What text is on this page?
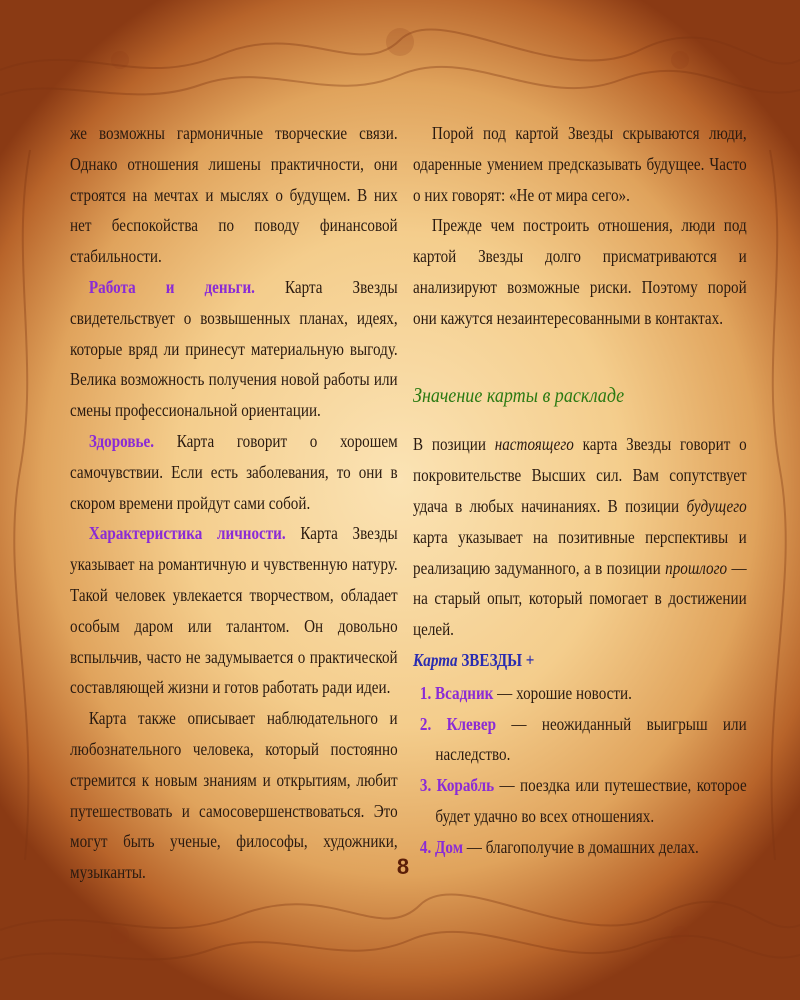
же возможны гармоничные творческие связи. Однако отношения лишены практичности, они строятся на мечтах и мыслях о будущем. В них нет беспокойства по поводу финансовой стабильности.

Работа и деньги. Карта Звезды свидетельствует о возвышенных планах, идеях, которые вряд ли принесут материальную выгоду. Велика возможность получения новой работы или смены профессиональной ориентации.

Здоровье. Карта говорит о хорошем самочувствии. Если есть заболевания, то они в скором времени пройдут сами собой.

Характеристика личности. Карта Звезды указывает на романтичную и чувственную натуру. Такой человек увлекается творчеством, обладает особым даром или талантом. Он довольно вспыльчив, часто не задумывается о практической составляющей жизни и готов работать ради идеи.

Карта также описывает наблюдательного и любознательного человека, который постоянно стремится к новым знаниям и открытиям, любит путешествовать и самосовершенствоваться. Это могут быть ученые, философы, художники, музыканты.

Порой под картой Звезды скрываются люди, одаренные умением предсказывать будущее. Часто о них говорят: «Не от мира сего».

Прежде чем построить отношения, люди под картой Звезды долго присматриваются и анализируют возможные риски. Поэтому порой они кажутся незаинтересованными в контактах.

Значение карты в раскладе

В позиции настоящего карта Звезды говорит о покровительстве Высших сил. Вам сопутствует удача в любых начинаниях. В позиции будущего карта указывает на позитивные перспективы и реализацию задуманного, а в позиции прошлого — на старый опыт, который помогает в достижении целей.

Карта ЗВЕЗДЫ +

1. Всадник — хорошие новости.
2. Клевер — неожиданный выигрыш или наследство.
3. Корабль — поездка или путешествие, которое будет удачно во всех отношениях.
4. Дом — благополучие в домашних делах.
8
